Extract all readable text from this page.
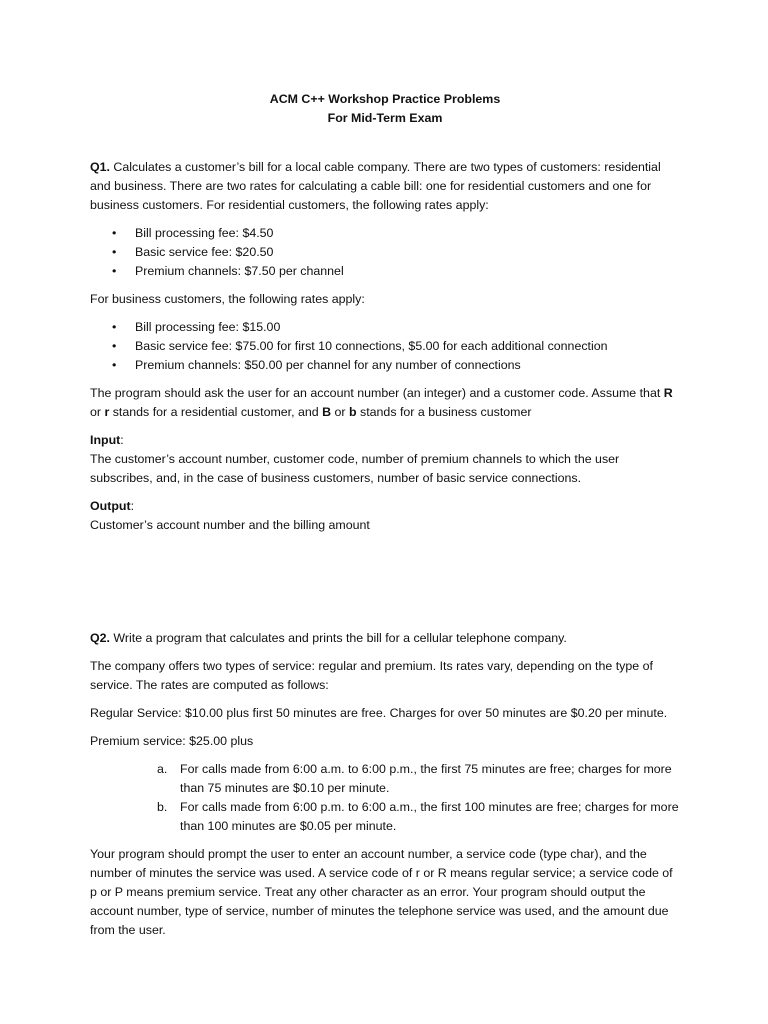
ACM C++ Workshop Practice Problems

For Mid-Term Exam

Q1. Calculates a customer’s bill for a local cable company. There are two types of customers: residential and business. There are two rates for calculating a cable bill: one for residential customers and one for business customers. For residential customers, the following rates apply:

• Bill processing fee: $4.50
• Basic service fee: $20.50
• Premium channels: $7.50 per channel

For business customers, the following rates apply:

• Bill processing fee: $15.00
• Basic service fee: $75.00 for first 10 connections, $5.00 for each additional connection
• Premium channels: $50.00 per channel for any number of connections

The program should ask the user for an account number (an integer) and a customer code. Assume that R or r stands for a residential customer, and B or b stands for a business customer

Input:
The customer’s account number, customer code, number of premium channels to which the user subscribes, and, in the case of business customers, number of basic service connections.

Output:
Customer’s account number and the billing amount

Q2. Write a program that calculates and prints the bill for a cellular telephone company.

The company offers two types of service: regular and premium. Its rates vary, depending on the type of service. The rates are computed as follows:

Regular Service: $10.00 plus first 50 minutes are free. Charges for over 50 minutes are $0.20 per minute.

Premium service: $25.00 plus

a. For calls made from 6:00 a.m. to 6:00 p.m., the first 75 minutes are free; charges for more than 75 minutes are $0.10 per minute.
b. For calls made from 6:00 p.m. to 6:00 a.m., the first 100 minutes are free; charges for more than 100 minutes are $0.05 per minute.

Your program should prompt the user to enter an account number, a service code (type char), and the number of minutes the service was used. A service code of r or R means regular service; a service code of p or P means premium service. Treat any other character as an error. Your program should output the account number, type of service, number of minutes the telephone service was used, and the amount due from the user.
